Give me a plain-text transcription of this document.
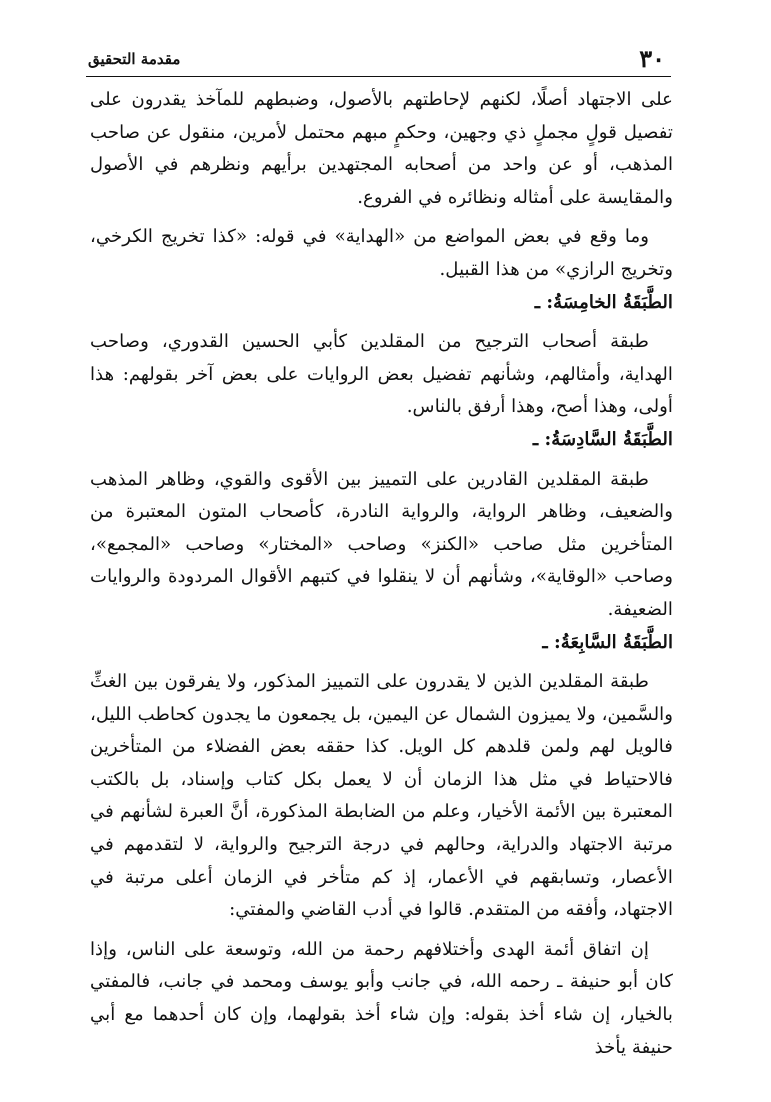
٣٠
مقدمة التحقيق

على الاجتهاد أصلًا، لكنهم لإحاطتهم بالأصول، وضبطهم للمآخذ يقدرون على تفصيل قولٍ مجملٍ ذي وجهين، وحكمٍ مبهم محتمل لأمرين، منقول عن صاحب المذهب، أو عن واحد من أصحابه المجتهدين برأيهم ونظرهم في الأصول والمقايسة على أمثاله ونظائره في الفروع.

وما وقع في بعض المواضع من «الهداية» في قوله: «كذا تخريج الكرخي، وتخريج الرازي» من هذا القبيل.

الطَّبَقَةُ الخامِسَةُ: ـ

طبقة أصحاب الترجيح من المقلدين كأبي الحسين القدوري، وصاحب الهداية، وأمثالهم، وشأنهم تفضيل بعض الروايات على بعض آخر بقولهم: هذا أولى، وهذا أصح، وهذا أرفق بالناس.

الطَّبَقَةُ السَّادِسَةُ: ـ

طبقة المقلدين القادرين على التمييز بين الأقوى والقوي، وظاهر المذهب والضعيف، وظاهر الرواية، والرواية النادرة، كأصحاب المتون المعتبرة من المتأخرين مثل صاحب «الكنز» وصاحب «المختار» وصاحب «المجمع»، وصاحب «الوقاية»، وشأنهم أن لا ينقلوا في كتبهم الأقوال المردودة والروايات الضعيفة.

الطَّبَقَةُ السَّابِعَةُ: ـ

طبقة المقلدين الذين لا يقدرون على التمييز المذكور، ولا يفرقون بين الغثِّ والسَّمين، ولا يميزون الشمال عن اليمين، بل يجمعون ما يجدون كحاطب الليل، فالويل لهم ولمن قلدهم كل الويل. كذا حققه بعض الفضلاء من المتأخرين فالاحتياط في مثل هذا الزمان أن لا يعمل بكل كتاب وإسناد، بل بالكتب المعتبرة بين الأئمة الأخيار، وعلم من الضابطة المذكورة، أنَّ العبرة لشأنهم في مرتبة الاجتهاد والدراية، وحالهم في درجة الترجيح والرواية، لا لتقدمهم في الأعصار، وتسابقهم في الأعمار، إذ كم متأخر في الزمان أعلى مرتبة في الاجتهاد، وأفقه من المتقدم. قالوا في أدب القاضي والمفتي:

إن اتفاق أئمة الهدى وأختلافهم رحمة من الله، وتوسعة على الناس، وإذا كان أبو حنيفة ـ رحمه الله، في جانب وأبو يوسف ومحمد في جانب، فالمفتي بالخيار، إن شاء أخذ بقوله: وإن شاء أخذ بقولهما، وإن كان أحدهما مع أبي حنيفة يأخذ
